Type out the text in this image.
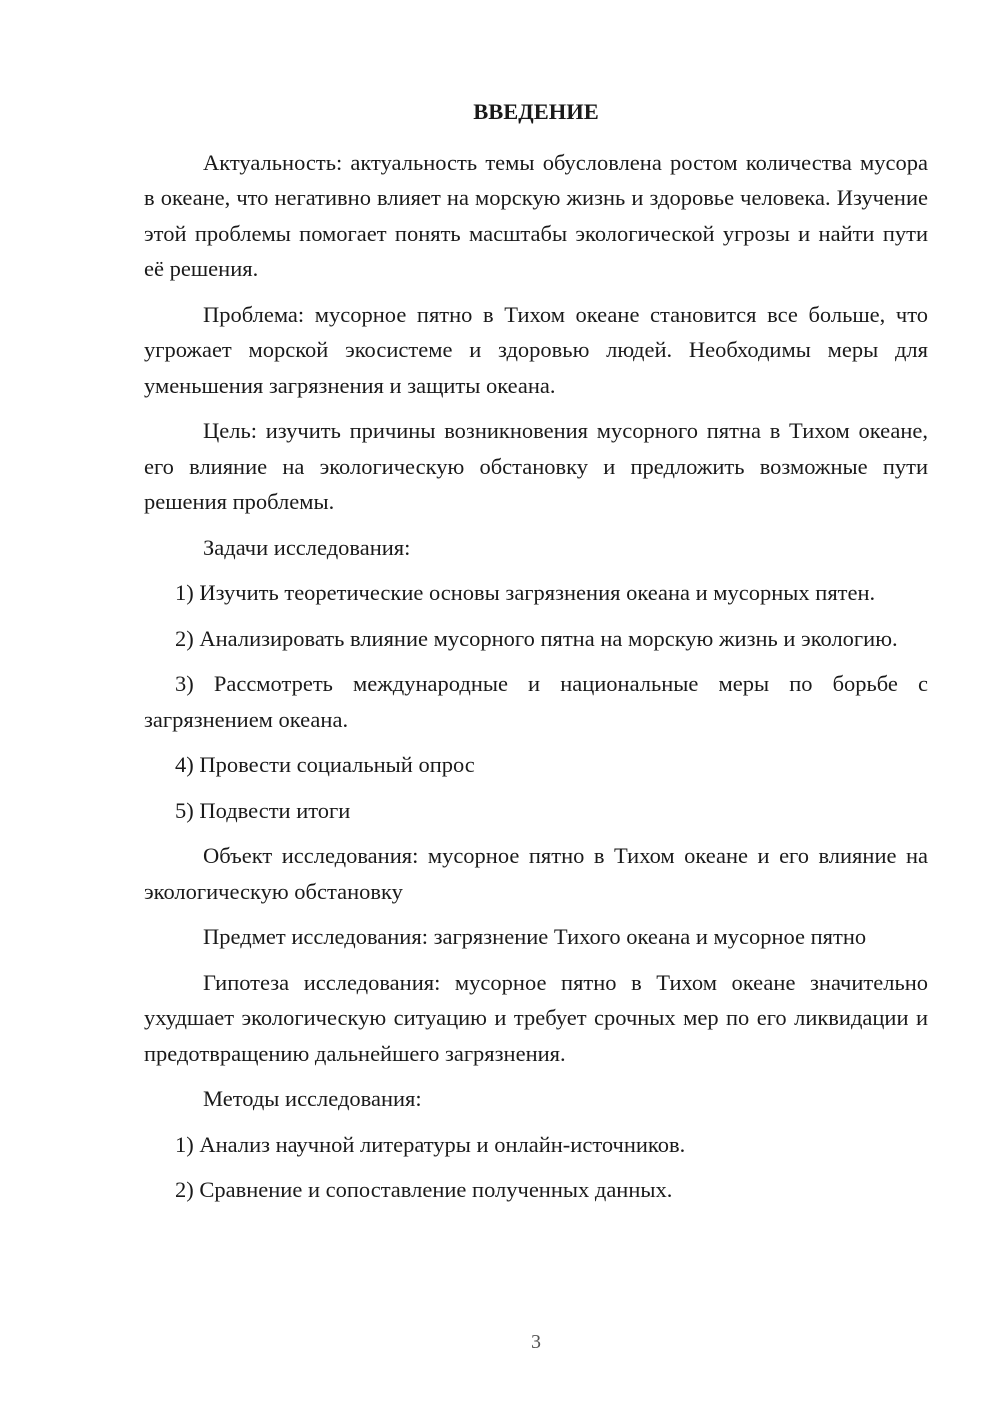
ВВЕДЕНИЕ

Актуальность: актуальность темы обусловлена ростом количества мусора в океане, что негативно влияет на морскую жизнь и здоровье человека. Изучение этой проблемы помогает понять масштабы экологической угрозы и найти пути её решения.

Проблема: мусорное пятно в Тихом океане становится все больше, что угрожает морской экосистеме и здоровью людей. Необходимы меры для уменьшения загрязнения и защиты океана.

Цель: изучить причины возникновения мусорного пятна в Тихом океане, его влияние на экологическую обстановку и предложить возможные пути решения проблемы.

Задачи исследования:

1) Изучить теоретические основы загрязнения океана и мусорных пятен.

2) Анализировать влияние мусорного пятна на морскую жизнь и экологию.

3) Рассмотреть международные и национальные меры по борьбе с загрязнением океана.

4) Провести социальный опрос

5) Подвести итоги

Объект исследования: мусорное пятно в Тихом океане и его влияние на экологическую обстановку

Предмет исследования: загрязнение Тихого океана и мусорное пятно

Гипотеза исследования: мусорное пятно в Тихом океане значительно ухудшает экологическую ситуацию и требует срочных мер по его ликвидации и предотвращению дальнейшего загрязнения.

Методы исследования:

1) Анализ научной литературы и онлайн-источников.

2) Сравнение и сопоставление полученных данных.

3
